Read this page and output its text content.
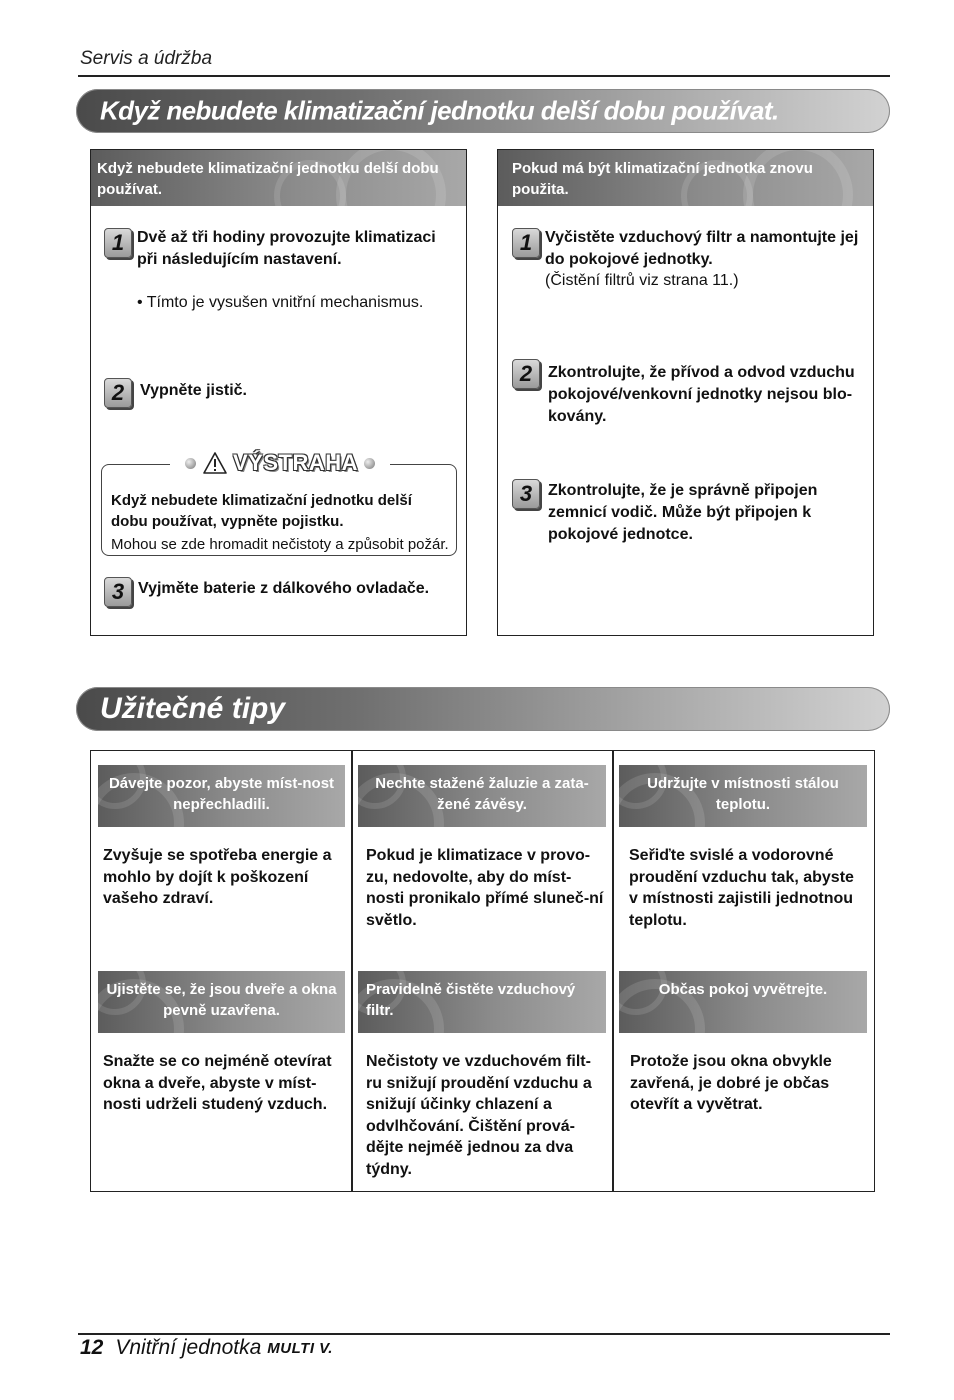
Servis a údržba
Když nebudete klimatizační jednotku delší dobu používat.
Když nebudete klimatizační jednotku delší dobu používat.
1 Dvě až tři hodiny provozujte klimatizaci při následujícím nastavení.
• Tímto je vysušen vnitřní mechanismus.
2 Vypněte jistič.
VÝSTRAHA
Když nebudete klimatizační jednotku delší dobu používat, vypněte pojistku.
Mohou se zde hromadit nečistoty a způsobit požár.
3 Vyjměte baterie z dálkového ovladače.
Pokud má být klimatizační jednotka znovu použita.
1 Vyčistěte vzduchový filtr a namontujte jej do pokojové jednotky.
(Čistění filtrů viz strana 11.)
2 Zkontrolujte, že přívod a odvod vzduchu pokojové/venkovní jednotky nejsou blo-kovány.
3 Zkontrolujte, že je správně připojen zemnicí vodič. Může být připojen k pokojové jednotce.
Užitečné tipy
Dávejte pozor, abyste míst-nost nepřechladili.
Zvyšuje se spotřeba energie a mohlo by dojít k poškození vašeho zdraví.
Nechte stažené žaluzie a zata-žené závěsy.
Pokud je klimatizace v provo-zu, nedovolte, aby do míst-nosti pronikalo přímé sluneč-ní světlo.
Udržujte v místnosti stálou teplotu.
Seřiďte svislé a vodorovné proudění vzduchu tak, abyste v místnosti zajistili jednotnou teplotu.
Ujistěte se, že jsou dveře a okna pevně uzavřena.
Snažte se co nejméně otevírat okna a dveře, abyste v míst-nosti udrželi studený vzduch.
Pravidelně čistěte vzduchový filtr.
Nečistoty ve vzduchovém filt-ru snižují proudění vzduchu a snižují účinky chlazení a odvlhčování. Čištění prová-dějte nejméě jednou za dva týdny.
Občas pokoj vyvětrejte.
Protože jsou okna obvykle zavřená, je dobré je občas otevřít a vyvětrat.
12 Vnitřní jednotka MULTI V.
